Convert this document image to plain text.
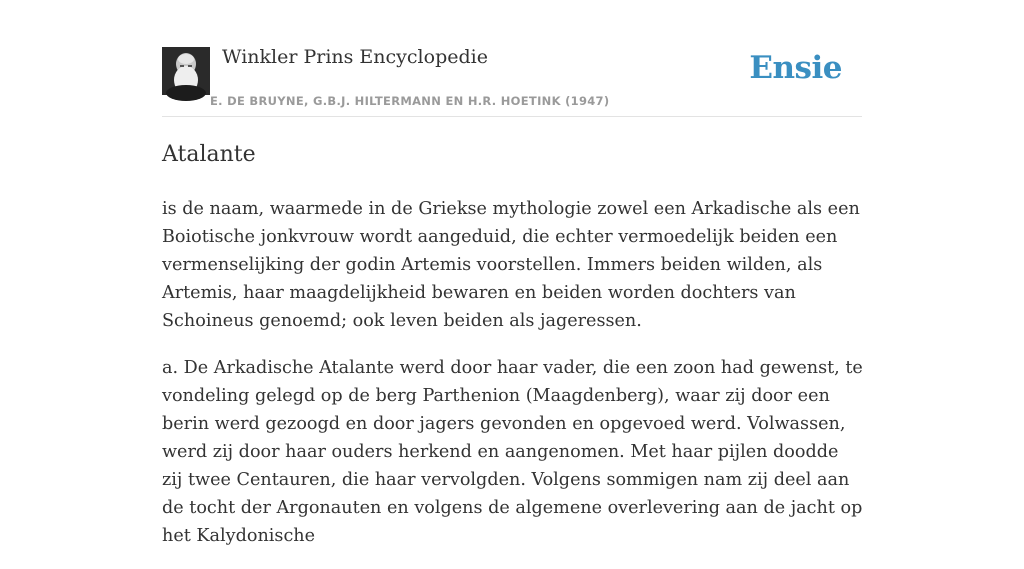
Winkler Prins Encyclopedie
E. DE BRUYNE, G.B.J. HILTERMANN EN H.R. HOETINK (1947)
Ensie
Atalante

is de naam, waarmede in de Griekse mythologie zowel een Arkadische als een Boiotische jonkvrouw wordt aangeduid, die echter vermoedelijk beiden een vermenselijking der godin Artemis voorstellen. Immers beiden wilden, als Artemis, haar maagdelijkheid bewaren en beiden worden dochters van Schoineus genoemd; ook leven beiden als jageressen.

a. De Arkadische Atalante werd door haar vader, die een zoon had gewenst, te vondeling gelegd op de berg Parthenion (Maagdenberg), waar zij door een berin werd gezoogd en door jagers gevonden en opgevoed werd. Volwassen, werd zij door haar ouders herkend en aangenomen. Met haar pijlen doodde zij twee Centauren, die haar vervolgden. Volgens sommigen nam zij deel aan de tocht der Argonauten en volgens de algemene overlevering aan de jacht op het Kalydonische
